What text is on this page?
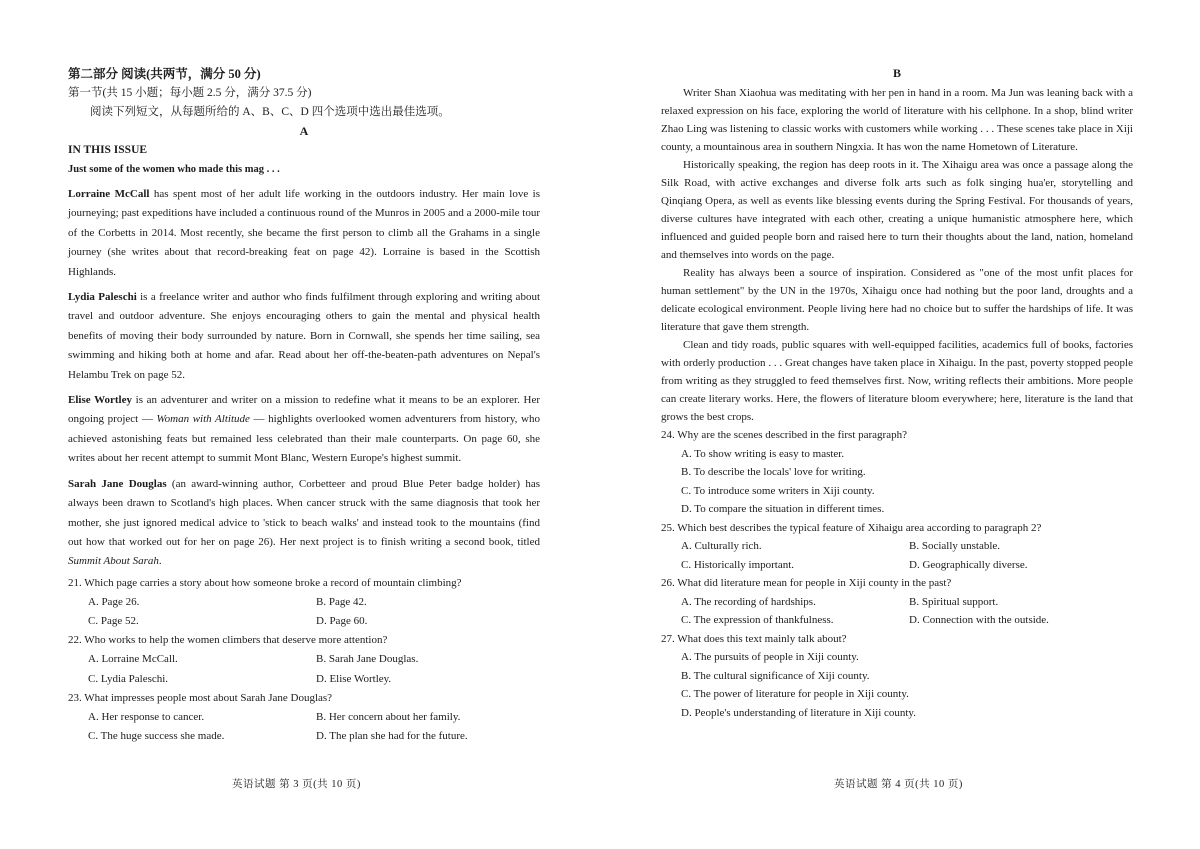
第二部分 阅读(共两节，满分 50 分)
第一节(共 15 小题；每小题 2.5 分，满分 37.5 分)
阅读下列短文，从每题所给的 A、B、C、D 四个选项中选出最佳选项。
A
IN THIS ISSUE
Just some of the women who made this mag . . .

Lorraine McCall has spent most of her adult life working in the outdoors industry. Her main love is journeying; past expeditions have included a continuous round of the Munros in 2005 and a 2000-mile tour of the Corbetts in 2014. Most recently, she became the first person to climb all the Grahams in a single journey (she writes about that record-breaking feat on page 42). Lorraine is based in the Scottish Highlands.

Lydia Paleschi is a freelance writer and author who finds fulfilment through exploring and writing about travel and outdoor adventure. She enjoys encouraging others to gain the mental and physical health benefits of moving their body surrounded by nature. Born in Cornwall, she spends her time sailing, sea swimming and hiking both at home and afar. Read about her off-the-beaten-path adventures on Nepal's Helambu Trek on page 52.

Elise Wortley is an adventurer and writer on a mission to redefine what it means to be an explorer. Her ongoing project — Woman with Altitude — highlights overlooked women adventurers from history, who achieved astonishing feats but remained less celebrated than their male counterparts. On page 60, she writes about her recent attempt to summit Mont Blanc, Western Europe's highest summit.

Sarah Jane Douglas (an award-winning author, Corbetteer and proud Blue Peter badge holder) has always been drawn to Scotland's high places. When cancer struck with the same diagnosis that took her mother, she just ignored medical advice to 'stick to beach walks' and instead took to the mountains (find out how that worked out for her on page 26). Her next project is to finish writing a second book, titled Summit About Sarah.

21. Which page carries a story about how someone broke a record of mountain climbing?
A. Page 26.	B. Page 42.
C. Page 52.	D. Page 60.
22. Who works to help the women climbers that deserve more attention?
A. Lorraine McCall.	B. Sarah Jane Douglas.
C. Lydia Paleschi.	D. Elise Wortley.
23. What impresses people most about Sarah Jane Douglas?
A. Her response to cancer.	B. Her concern about her family.
C. The huge success she made.	D. The plan she had for the future.
英语试题 第 3 页(共 10 页)
B

Writer Shan Xiaohua was meditating with her pen in hand in a room. Ma Jun was leaning back with a relaxed expression on his face, exploring the world of literature with his cellphone. In a shop, blind writer Zhao Ling was listening to classic works with customers while working . . . These scenes take place in Xiji county, a mountainous area in southern Ningxia. It has won the name Hometown of Literature.

Historically speaking, the region has deep roots in it. The Xihaigu area was once a passage along the Silk Road, with active exchanges and diverse folk arts such as folk singing hua'er, storytelling and Qinqiang Opera, as well as events like blessing events during the Spring Festival. For thousands of years, diverse cultures have integrated with each other, creating a unique humanistic atmosphere here, which influenced and guided people born and raised here to turn their thoughts about the land, nation, homeland and themselves into words on the page.

Reality has always been a source of inspiration. Considered as "one of the most unfit places for human settlement" by the UN in the 1970s, Xihaigu once had nothing but the poor land, droughts and a delicate ecological environment. People living here had no choice but to suffer the hardships of life. It was literature that gave them strength.

Clean and tidy roads, public squares with well-equipped facilities, academics full of books, factories with orderly production . . . Great changes have taken place in Xihaigu. In the past, poverty stopped people from writing as they struggled to feed themselves first. Now, writing reflects their ambitions. More people can create literary works. Here, the flowers of literature bloom everywhere; here, literature is the land that grows the best crops.

24. Why are the scenes described in the first paragraph?
A. To show writing is easy to master.
B. To describe the locals' love for writing.
C. To introduce some writers in Xiji county.
D. To compare the situation in different times.
25. Which best describes the typical feature of Xihaigu area according to paragraph 2?
A. Culturally rich.	B. Socially unstable.
C. Historically important.	D. Geographically diverse.
26. What did literature mean for people in Xiji county in the past?
A. The recording of hardships.	B. Spiritual support.
C. The expression of thankfulness.	D. Connection with the outside.
27. What does this text mainly talk about?
A. The pursuits of people in Xiji county.
B. The cultural significance of Xiji county.
C. The power of literature for people in Xiji county.
D. People's understanding of literature in Xiji county.
英语试题 第 4 页(共 10 页)
